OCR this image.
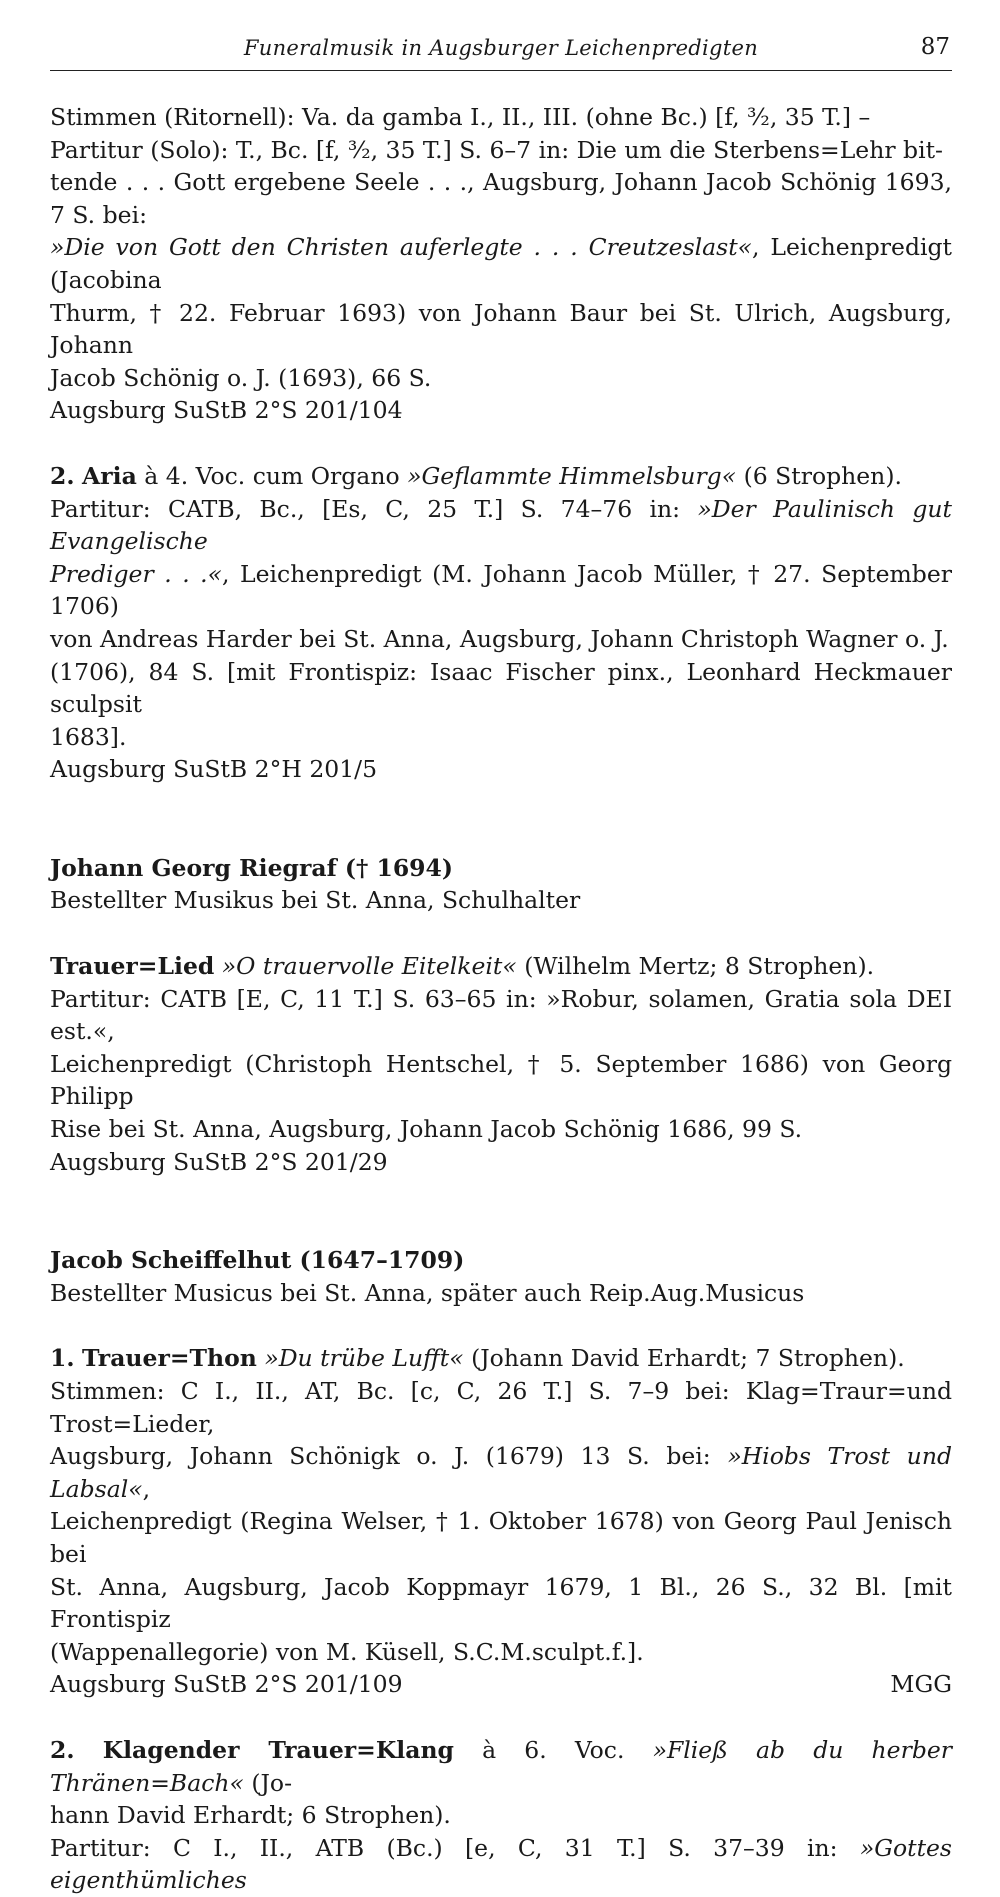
Funeralmusik in Augsburger Leichenpredigten	87

Stimmen (Ritornell): Va. da gamba I., II., III. (ohne Bc.) [f, ³⁄₂, 35 T.] –

Partitur (Solo): T., Bc. [f, ³⁄₂, 35 T.] S. 6–7 in: Die um die Sterbens=Lehr bit-

tende . . . Gott ergebene Seele . . ., Augsburg, Johann Jacob Schönig 1693, 7 S. bei:

»Die von Gott den Christen auferlegte . . . Creutzeslast«, Leichenpredigt (Jacobina

Thurm, † 22. Februar 1693) von Johann Baur bei St. Ulrich, Augsburg, Johann

Jacob Schönig o. J. (1693), 66 S.

Augsburg SuStB 2°S 201/104

2. Aria à 4. Voc. cum Organo »Geflammte Himmelsburg« (6 Strophen).

Partitur: CATB, Bc., [Es, C, 25 T.] S. 74–76 in: »Der Paulinisch gut Evangelische

Prediger . . .«, Leichenpredigt (M. Johann Jacob Müller, † 27. September 1706)

von Andreas Harder bei St. Anna, Augsburg, Johann Christoph Wagner o. J.

(1706), 84 S. [mit Frontispiz: Isaac Fischer pinx., Leonhard Heckmauer sculpsit

1683].

Augsburg SuStB 2°H 201/5

Johann Georg Riegraf († 1694)

Bestellter Musikus bei St. Anna, Schulhalter

Trauer=Lied »O trauervolle Eitelkeit« (Wilhelm Mertz; 8 Strophen).

Partitur: CATB [E, C, 11 T.] S. 63–65 in: »Robur, solamen, Gratia sola DEI est.«,

Leichenpredigt (Christoph Hentschel, † 5. September 1686) von Georg Philipp

Rise bei St. Anna, Augsburg, Johann Jacob Schönig 1686, 99 S.

Augsburg SuStB 2°S 201/29

Jacob Scheiffelhut (1647–1709)

Bestellter Musicus bei St. Anna, später auch Reip.Aug.Musicus

1. Trauer=Thon »Du trübe Lufft« (Johann David Erhardt; 7 Strophen).

Stimmen: C I., II., AT, Bc. [c, C, 26 T.] S. 7–9 bei: Klag=Traur=und Trost=Lieder,

Augsburg, Johann Schönigk o. J. (1679) 13 S. bei: »Hiobs Trost und Labsal«,

Leichenpredigt (Regina Welser, † 1. Oktober 1678) von Georg Paul Jenisch bei

St. Anna, Augsburg, Jacob Koppmayr 1679, 1 Bl., 26 S., 32 Bl. [mit Frontispiz

(Wappenallegorie) von M. Küsell, S.C.M.sculpt.f.].

Augsburg SuStB 2°S 201/109	MGG

2. Klagender Trauer=Klang à 6. Voc. »Fließ ab du herber Thränen=Bach« (Jo-

hann David Erhardt; 6 Strophen).

Partitur: C I., II., ATB (Bc.) [e, C, 31 T.] S. 37–39 in: »Gottes eigenthümliches
